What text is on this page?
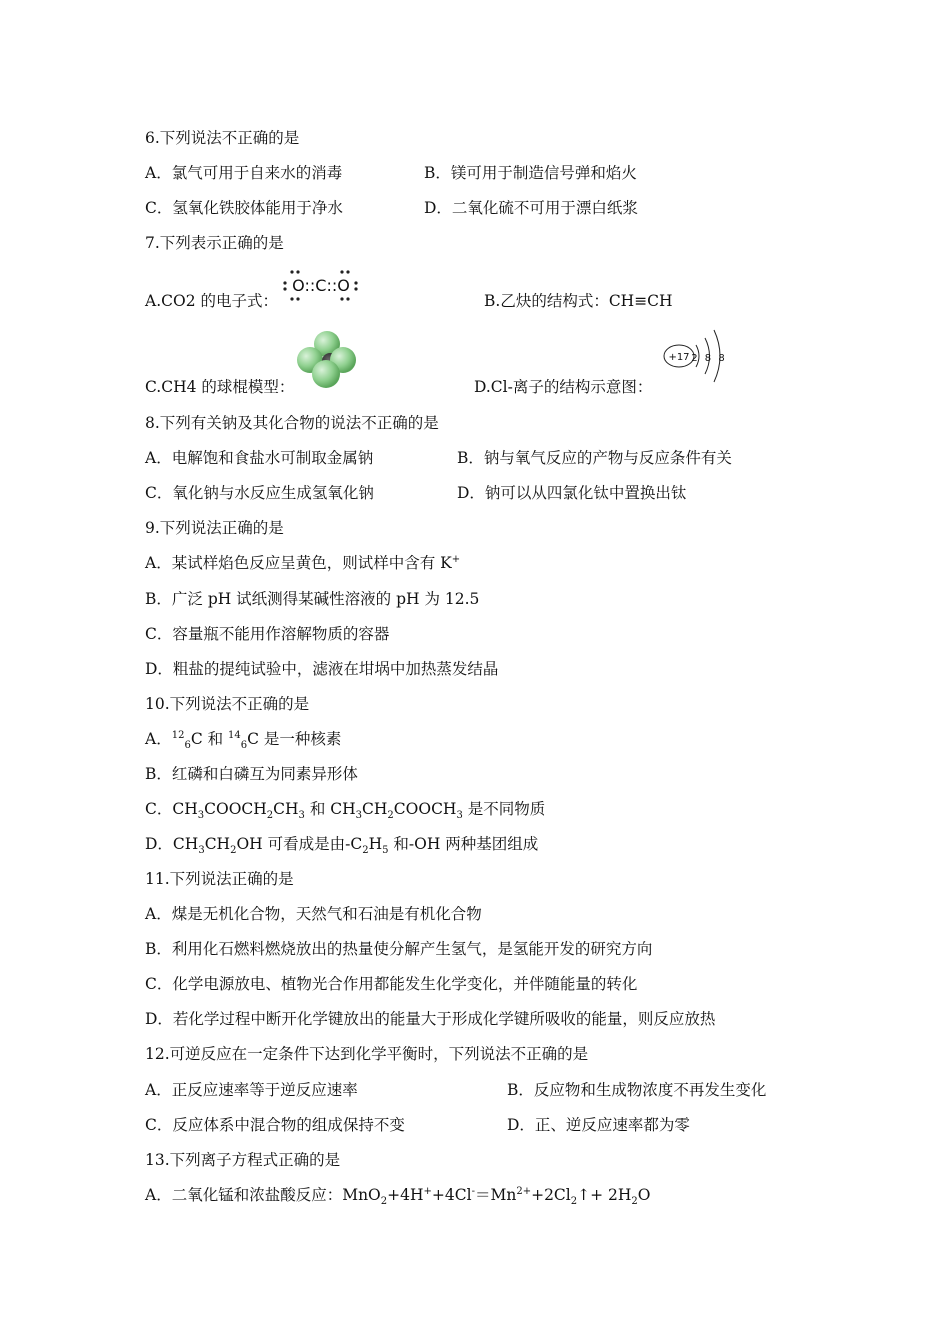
6.下列说法不正确的是
A．氯气可用于自来水的消毒	B．镁可用于制造信号弹和焰火
C．氢氧化铁胶体能用于净水	D．二氧化硫不可用于漂白纸浆
7.下列表示正确的是
A.CO2 的电子式：
O::C::O
B.乙炔的结构式：CH≡CH
C.CH4 的球棍模型：	D.Cl-离子的结构示意图：
+17 2 8 8
8.下列有关钠及其化合物的说法不正确的是
A．电解饱和食盐水可制取金属钠	B．钠与氧气反应的产物与反应条件有关
C．氧化钠与水反应生成氢氧化钠	D．钠可以从四氯化钛中置换出钛
9.下列说法正确的是
A．某试样焰色反应呈黄色，则试样中含有 K+
B．广泛 pH 试纸测得某碱性溶液的 pH 为 12.5
C．容量瓶不能用作溶解物质的容器
D．粗盐的提纯试验中，滤液在坩埚中加热蒸发结晶
10.下列说法不正确的是
A．$^{12}_6$C 和 $^{14}_6$C 是一种核素
B．红磷和白磷互为同素异形体
C．$CH_3COOCH_2CH_3$ 和 $CH_3CH_2COOCH_3$ 是不同物质
D．$CH_3CH_2OH$ 可看成是由$-C_2H_5$ 和-OH 两种基团组成
11.下列说法正确的是
A．煤是无机化合物，天然气和石油是有机化合物
B．利用化石燃料燃烧放出的热量使分解产生氢气，是氢能开发的研究方向
C．化学电源放电、植物光合作用都能发生化学变化，并伴随能量的转化
D．若化学过程中断开化学键放出的能量大于形成化学键所吸收的能量，则反应放热
12.可逆反应在一定条件下达到化学平衡时，下列说法不正确的是
A．正反应速率等于逆反应速率	B．反应物和生成物浓度不再发生变化
C．反应体系中混合物的组成保持不变	D．正、逆反应速率都为零
13.下列离子方程式正确的是
A．二氧化锰和浓盐酸反应：$MnO_2+4H^++4Cl^-=Mn^{2+}+2Cl_2↑+ 2H_2O$
